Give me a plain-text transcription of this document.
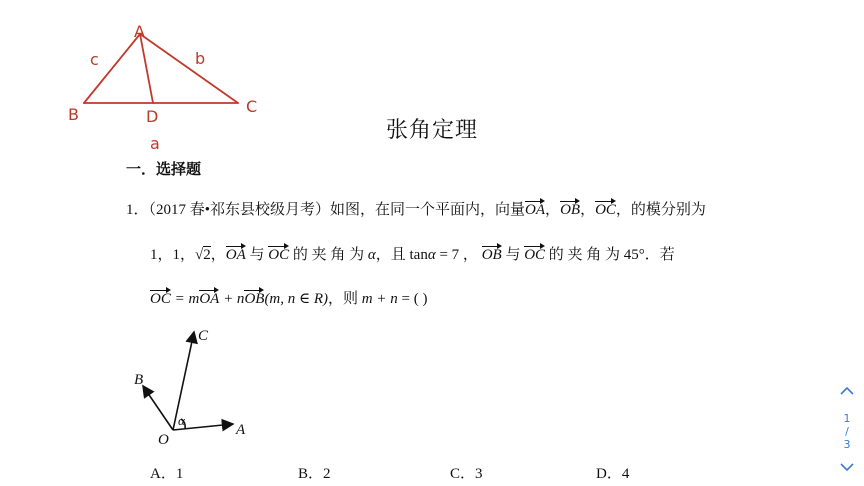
A
B	C
D
c	b
a
张角定理
一．选择题
1．（2017 春•祁东县校级月考）如图，在同一个平面内，向量OA，OB，OC，的模分别为
1，1，√2，OA 与 OC 的 夹 角 为 α，且 tanα = 7 ， OB 与 OC 的 夹 角 为 45°．若
OC = mOA + nOB(m, n ∈ R)，则 m + n = ( )
O
A
B
C
α
A．1	B．2	C．3	D．4
1
/
3
